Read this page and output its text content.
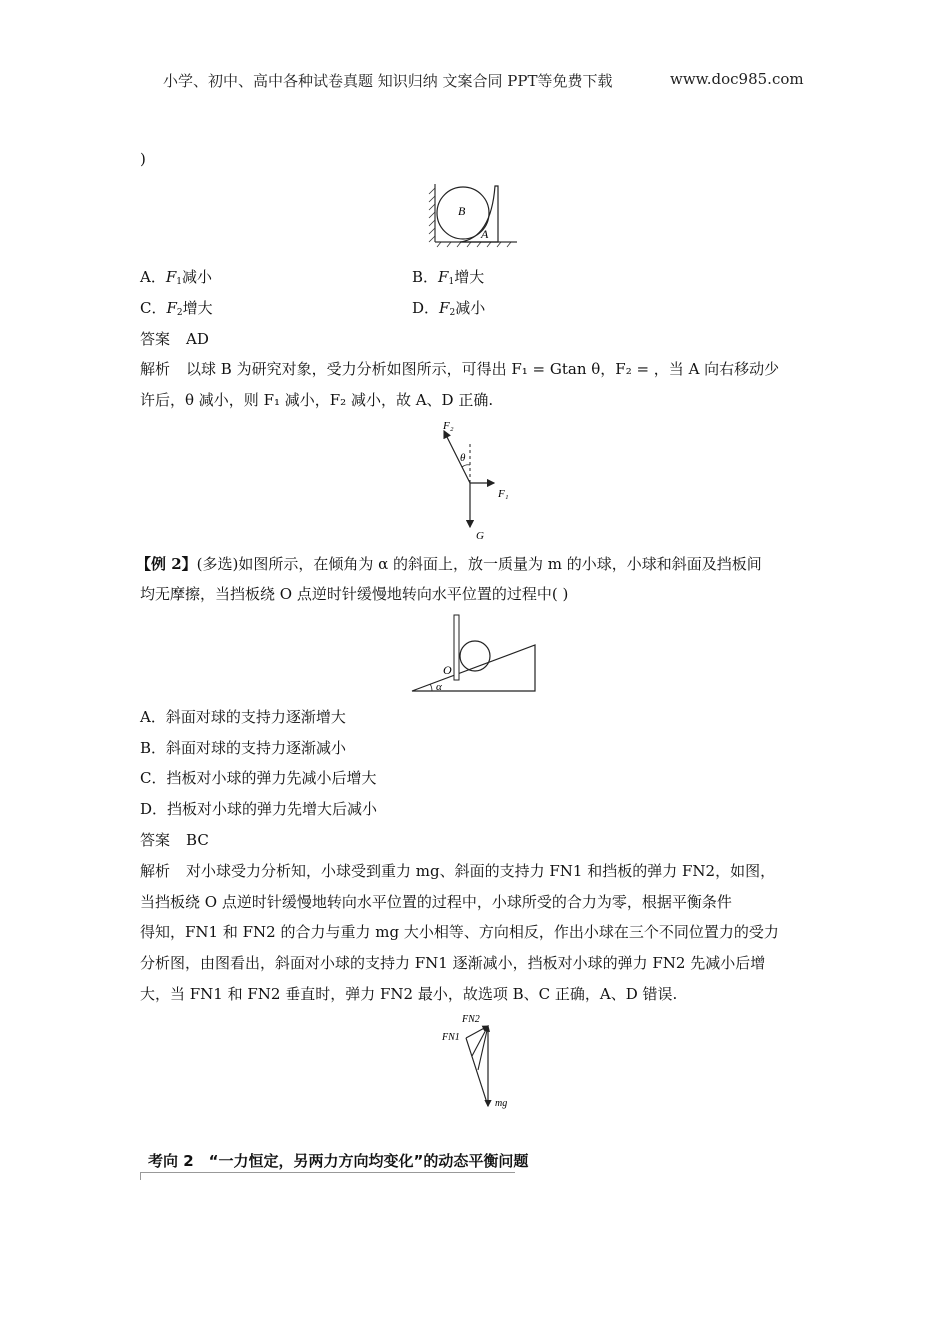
小学、初中、高中各种试卷真题 知识归纳 文案合同 PPT等免费下载	www.doc985.com
)
B
A
A．$F_1$减小	B．$F_1$增大
C．$F_2$增大	D．$F_2$减小
答案 AD
解析 以球 B 为研究对象，受力分析如图所示，可得出 F₁ = Gtan θ，F₂ = ，当 A 向右移动少
许后，θ 减小，则 F₁ 减小，F₂ 减小，故 A、D 正确.
F₂
θ
F₁
G
【例 2】(多选)如图所示，在倾角为 α 的斜面上，放一质量为 m 的小球，小球和斜面及挡板间
均无摩擦，当挡板绕 O 点逆时针缓慢地转向水平位置的过程中( )
O
α
A．斜面对球的支持力逐渐增大
B．斜面对球的支持力逐渐减小
C．挡板对小球的弹力先减小后增大
D．挡板对小球的弹力先增大后减小
答案 BC
解析 对小球受力分析知，小球受到重力 mg、斜面的支持力 FN1 和挡板的弹力 FN2，如图，
当挡板绕 O 点逆时针缓慢地转向水平位置的过程中，小球所受的合力为零，根据平衡条件
得知，FN1 和 FN2 的合力与重力 mg 大小相等、方向相反，作出小球在三个不同位置力的受力
分析图，由图看出，斜面对小球的支持力 FN1 逐渐减小，挡板对小球的弹力 FN2 先减小后增
大，当 FN1 和 FN2 垂直时，弹力 FN2 最小，故选项 B、C 正确，A、D 错误.
FN2
FN1
mg
考向 2　“一力恒定，另两力方向均变化”的动态平衡问题
